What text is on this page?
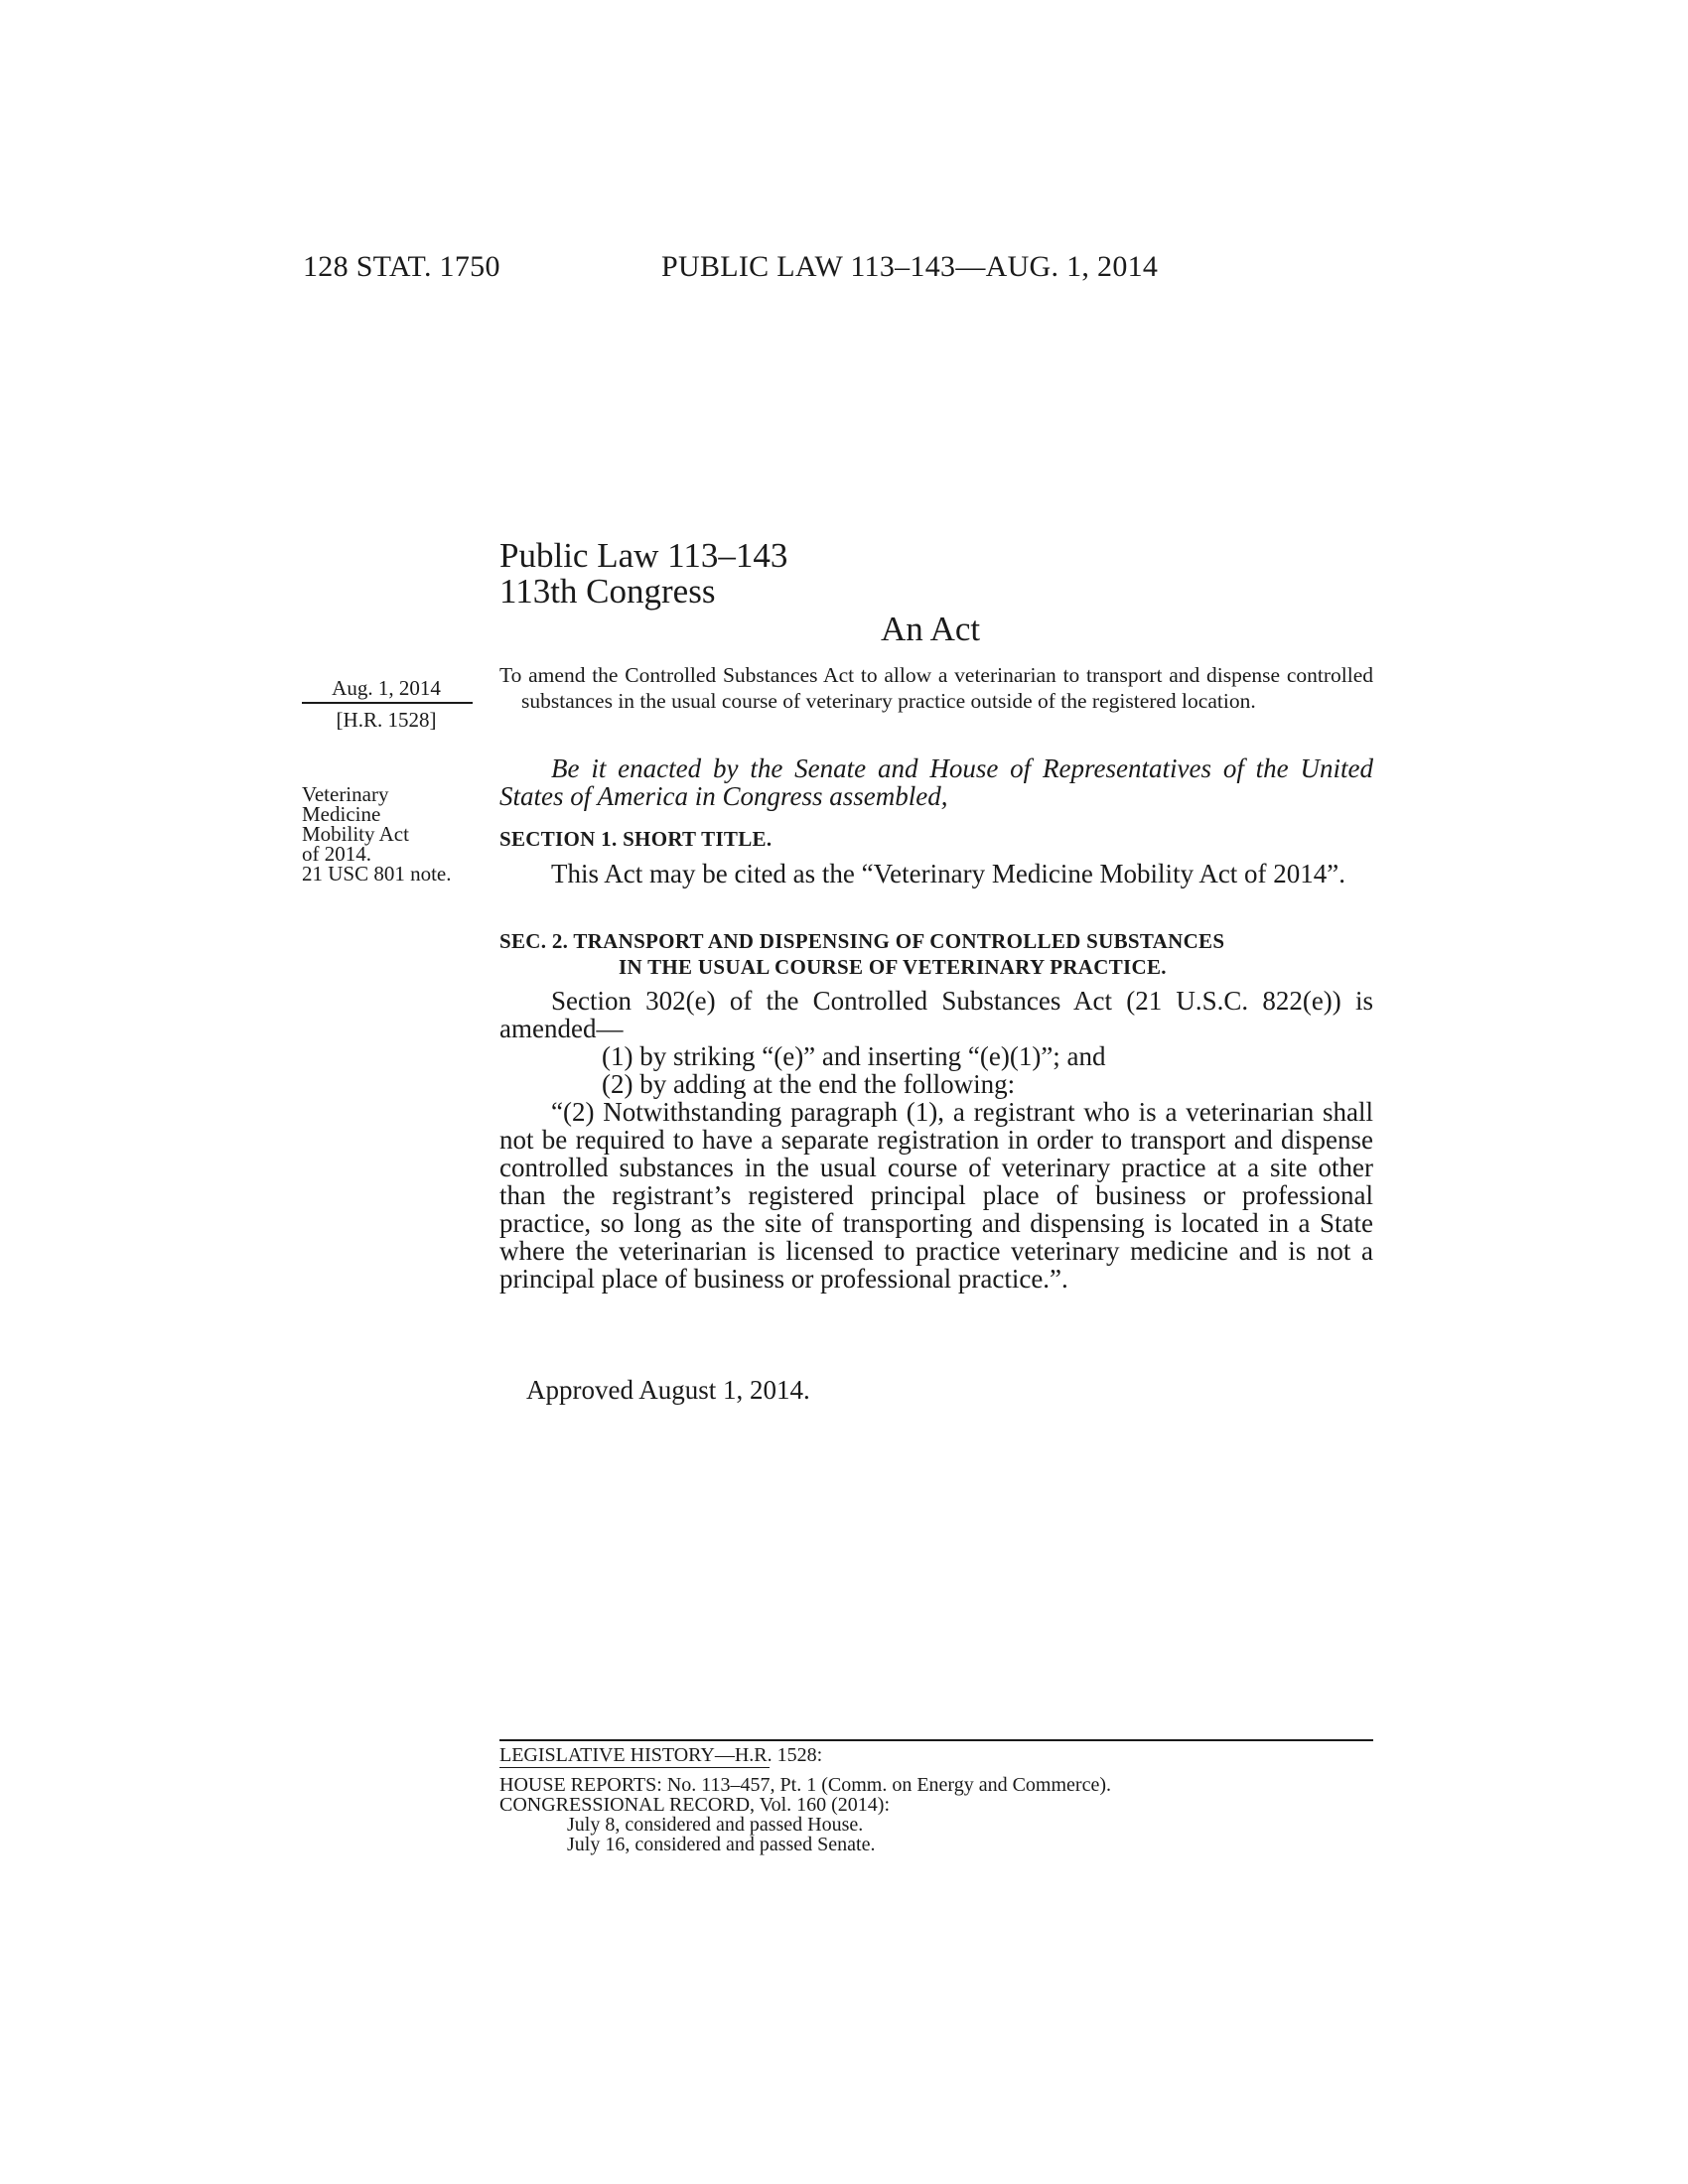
128 STAT. 1750	PUBLIC LAW 113–143—AUG. 1, 2014
Public Law 113–143
113th Congress
An Act
Aug. 1, 2014
[H.R. 1528]
Veterinary
Medicine
Mobility Act
of 2014.
21 USC 801 note.
To amend the Controlled Substances Act to allow a veterinarian to transport and dispense controlled substances in the usual course of veterinary practice outside of the registered location.
Be it enacted by the Senate and House of Representatives of the United States of America in Congress assembled,
SECTION 1. SHORT TITLE.
This Act may be cited as the “Veterinary Medicine Mobility Act of 2014”.
SEC. 2. TRANSPORT AND DISPENSING OF CONTROLLED SUBSTANCES
IN THE USUAL COURSE OF VETERINARY PRACTICE.
Section 302(e) of the Controlled Substances Act (21 U.S.C. 822(e)) is amended—
(1) by striking “(e)” and inserting “(e)(1)”; and
(2) by adding at the end the following:
“(2) Notwithstanding paragraph (1), a registrant who is a veterinarian shall not be required to have a separate registration in order to transport and dispense controlled substances in the usual course of veterinary practice at a site other than the registrant’s registered principal place of business or professional practice, so long as the site of transporting and dispensing is located in a State where the veterinarian is licensed to practice veterinary medicine and is not a principal place of business or professional practice.”.
Approved August 1, 2014.
LEGISLATIVE HISTORY—H.R. 1528:
HOUSE REPORTS: No. 113–457, Pt. 1 (Comm. on Energy and Commerce).
CONGRESSIONAL RECORD, Vol. 160 (2014):
July 8, considered and passed House.
July 16, considered and passed Senate.
